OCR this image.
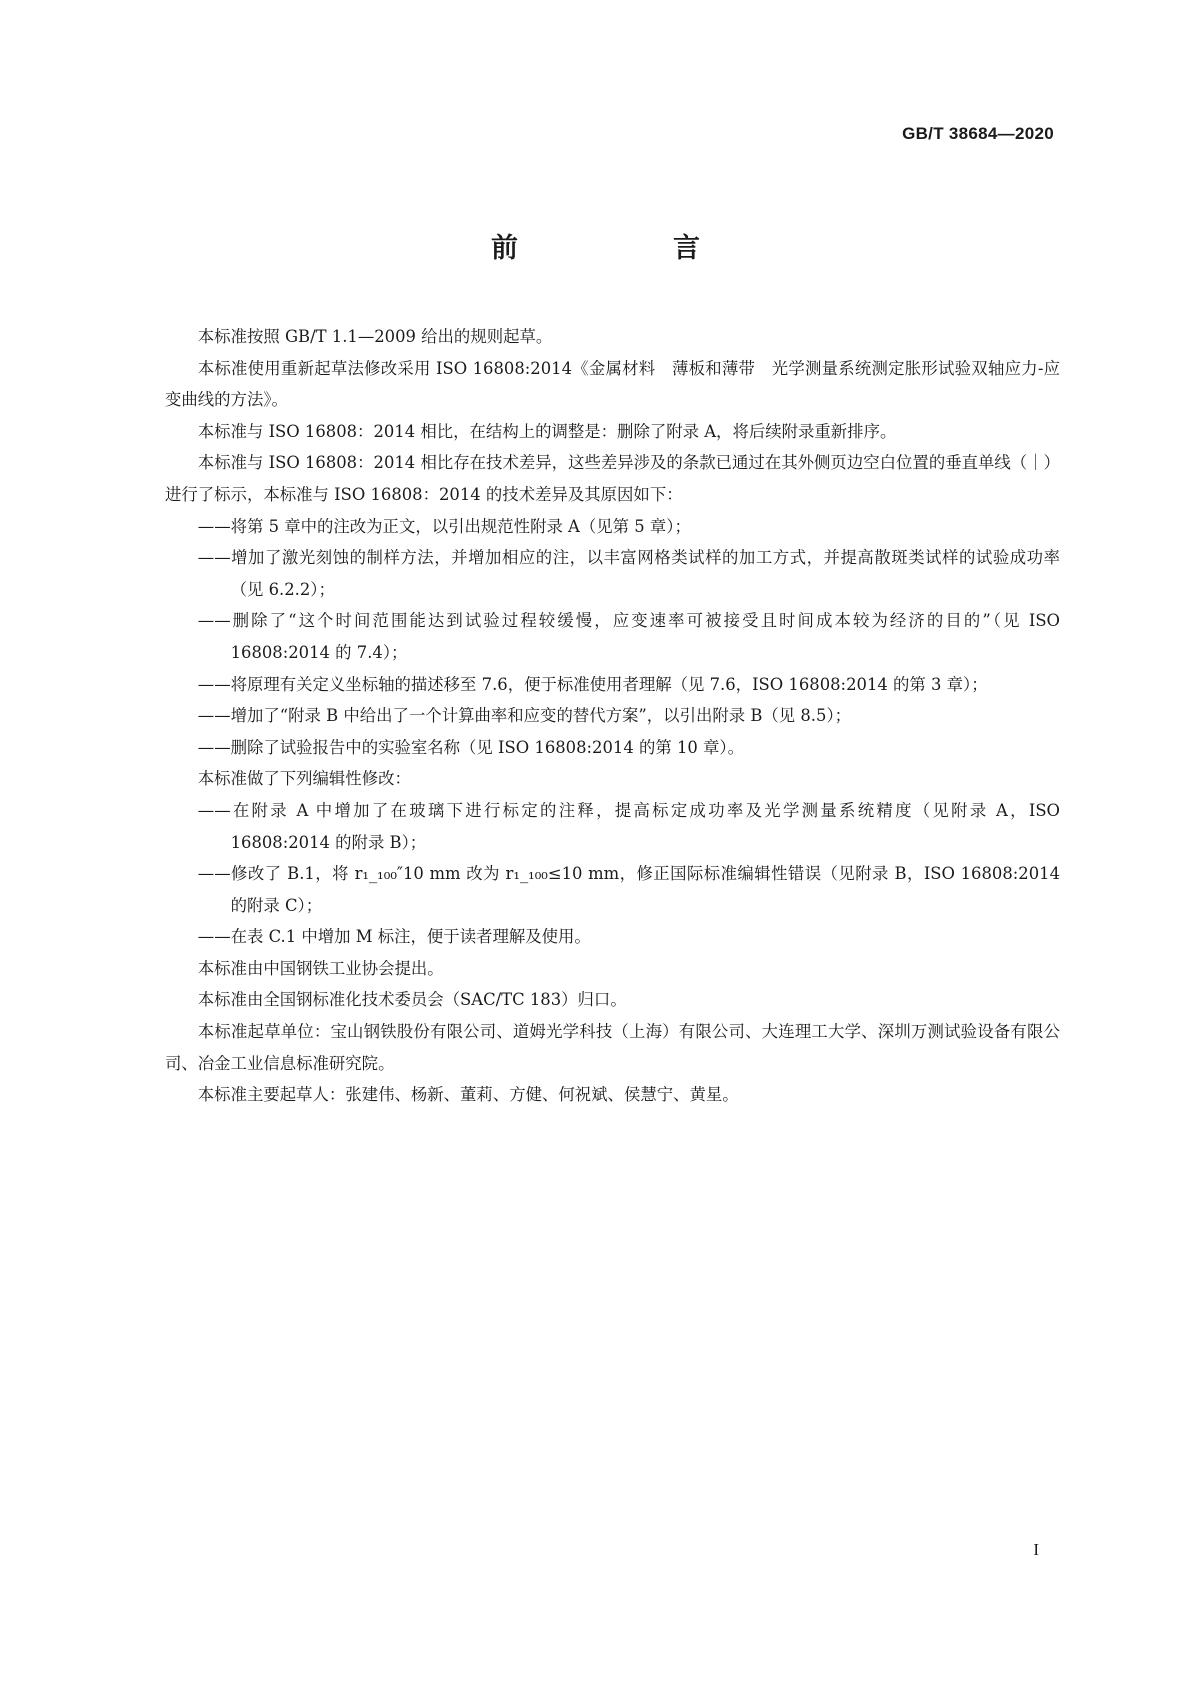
GB/T 38684—2020
前　言

本标准按照 GB/T 1.1—2009 给出的规则起草。

本标准使用重新起草法修改采用 ISO 16808:2014《金属材料　薄板和薄带　光学测量系统测定胀形试验双轴应力-应变曲线的方法》。

本标准与 ISO 16808：2014 相比，在结构上的调整是：删除了附录 A，将后续附录重新排序。

本标准与 ISO 16808：2014 相比存在技术差异，这些差异涉及的条款已通过在其外侧页边空白位置的垂直单线（｜）进行了标示，本标准与 ISO 16808：2014 的技术差异及其原因如下：

——将第 5 章中的注改为正文，以引出规范性附录 A（见第 5 章）；

——增加了激光刻蚀的制样方法，并增加相应的注，以丰富网格类试样的加工方式，并提高散斑类试样的试验成功率（见 6.2.2）；

——删除了“这个时间范围能达到试验过程较缓慢，应变速率可被接受且时间成本较为经济的目的”（见 ISO 16808:2014 的 7.4）；

——将原理有关定义坐标轴的描述移至 7.6，便于标准使用者理解（见 7.6，ISO 16808:2014 的第 3 章）；

——增加了“附录 B 中给出了一个计算曲率和应变的替代方案”，以引出附录 B（见 8.5）；

——删除了试验报告中的实验室名称（见 ISO 16808:2014 的第 10 章）。

本标准做了下列编辑性修改：

——在附录 A 中增加了在玻璃下进行标定的注释，提高标定成功率及光学测量系统精度（见附录 A，ISO 16808:2014 的附录 B）；

——修改了 B.1，将 r₁_₁₀₀″10 mm 改为 r₁_₁₀₀≤10 mm，修正国际标准编辑性错误（见附录 B，ISO 16808:2014 的附录 C）；

——在表 C.1 中增加 M 标注，便于读者理解及使用。

本标准由中国钢铁工业协会提出。

本标准由全国钢标准化技术委员会（SAC/TC 183）归口。

本标准起草单位：宝山钢铁股份有限公司、道姆光学科技（上海）有限公司、大连理工大学、深圳万测试验设备有限公司、冶金工业信息标准研究院。

本标准主要起草人：张建伟、杨新、董莉、方健、何祝斌、侯慧宁、黄星。

I
